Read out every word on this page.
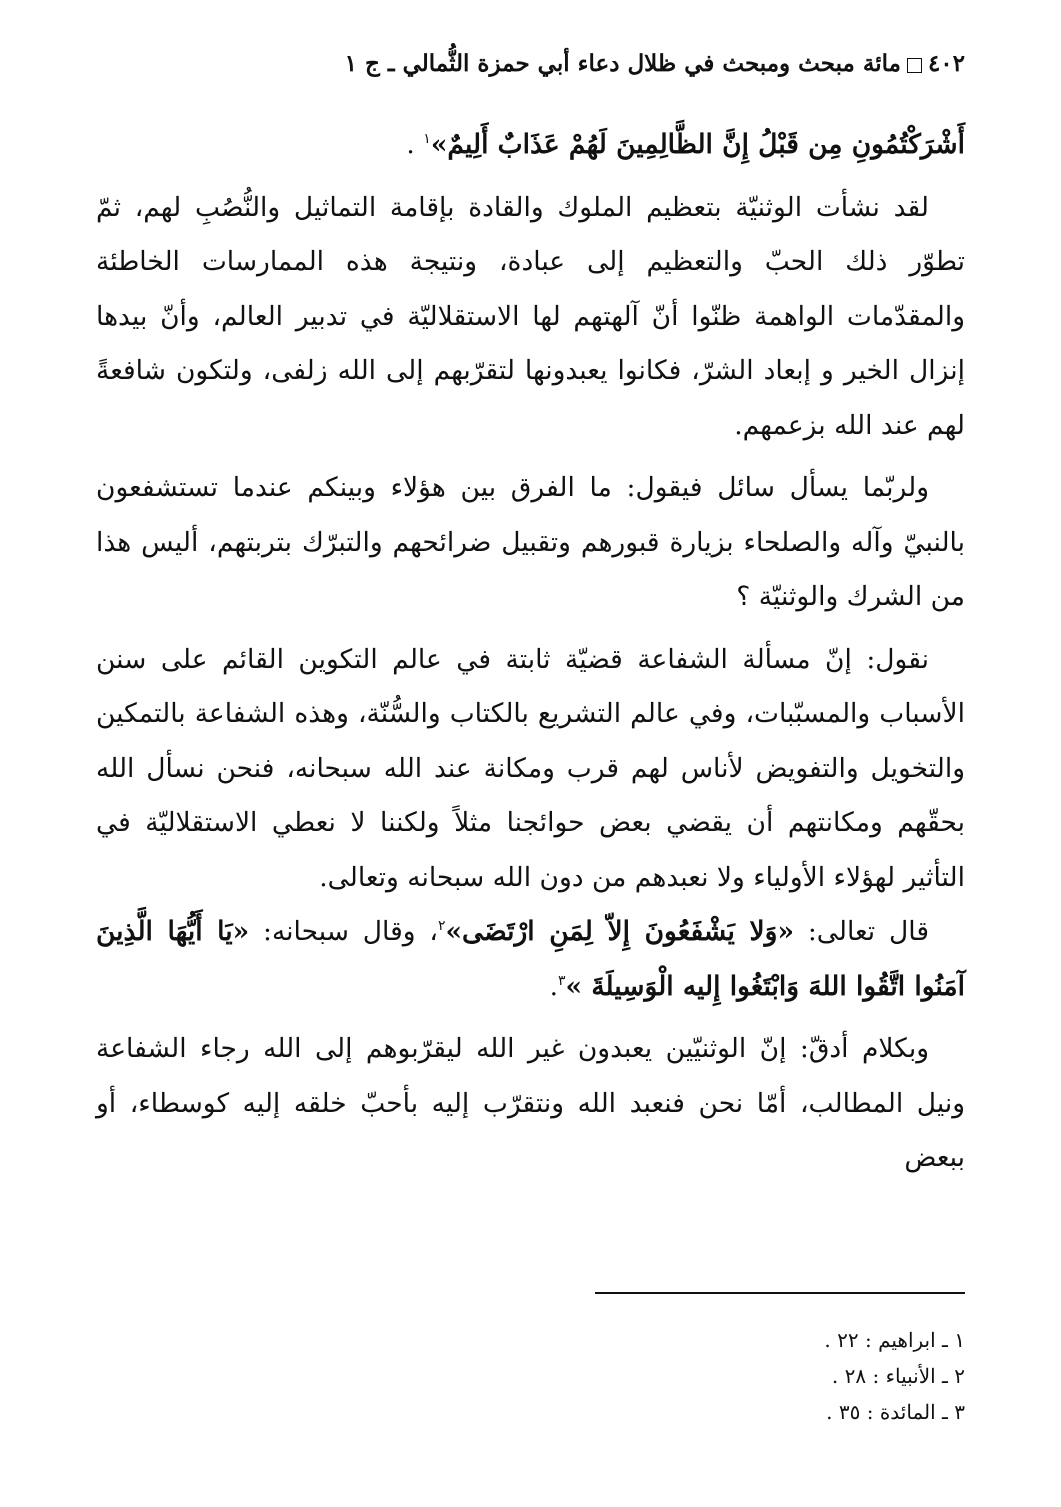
٤٠٢مائة مبحث ومبحث في ظلال دعاء أبي حمزة الثُّمالي ـ ج ١

أَشْرَكْتُمُونِ مِن قَبْلُ إِنَّ الظَّالِمِينَ لَهُمْ عَذَابٌ أَلِيمٌ»$^١$ .

لقد نشأت الوثنيّة بتعظيم الملوك والقادة بإقامة التماثيل والنُّصُبِ لهم، ثمّ تطوّر ذلك الحبّ والتعظيم إلى عبادة، ونتيجة هذه الممارسات الخاطئة والمقدّمات الواهمة ظنّوا أنّ آلهتهم لها الاستقلاليّة في تدبير العالم، وأنّ بيدها إنزال الخير و إبعاد الشرّ، فكانوا يعبدونها لتقرّبهم إلى الله زلفى، ولتكون شافعةً لهم عند الله بزعمهم.

ولربّما يسأل سائل فيقول: ما الفرق بين هؤلاء وبينكم عندما تستشفعون بالنبيّ وآله والصلحاء بزيارة قبورهم وتقبيل ضرائحهم والتبرّك بتربتهم، أليس هذا من الشرك والوثنيّة ؟

نقول: إنّ مسألة الشفاعة قضيّة ثابتة في عالم التكوين القائم على سنن الأسباب والمسبّبات، وفي عالم التشريع بالكتاب والسُّنّة، وهذه الشفاعة بالتمكين والتخويل والتفويض لأناس لهم قرب ومكانة عند الله سبحانه، فنحن نسأل الله بحقّهم ومكانتهم أن يقضي بعض حوائجنا مثلاً ولكننا لا نعطي الاستقلاليّة في التأثير لهؤلاء الأولياء ولا نعبدهم من دون الله سبحانه وتعالى.

قال تعالى: «وَلا يَشْفَعُونَ إِلاّ لِمَنِ ارْتَضَى»$^٢$، وقال سبحانه: «يَا أَيُّهَا الَّذِينَ آمَنُوا اتَّقُوا اللهَ وَابْتَغُوا إِليه الْوَسِيلَةَ »$^٣$.

وبكلام أدقّ: إنّ الوثنيّين يعبدون غير الله ليقرّبوهم إلى الله رجاء الشفاعة ونيل المطالب، أمّا نحن فنعبد الله ونتقرّب إليه بأحبّ خلقه إليه كوسطاء، أو ببعض

١ ـ ابراهيم : ٢٢ .
٢ ـ الأنبياء : ٢٨ .
٣ ـ المائدة : ٣٥ .
